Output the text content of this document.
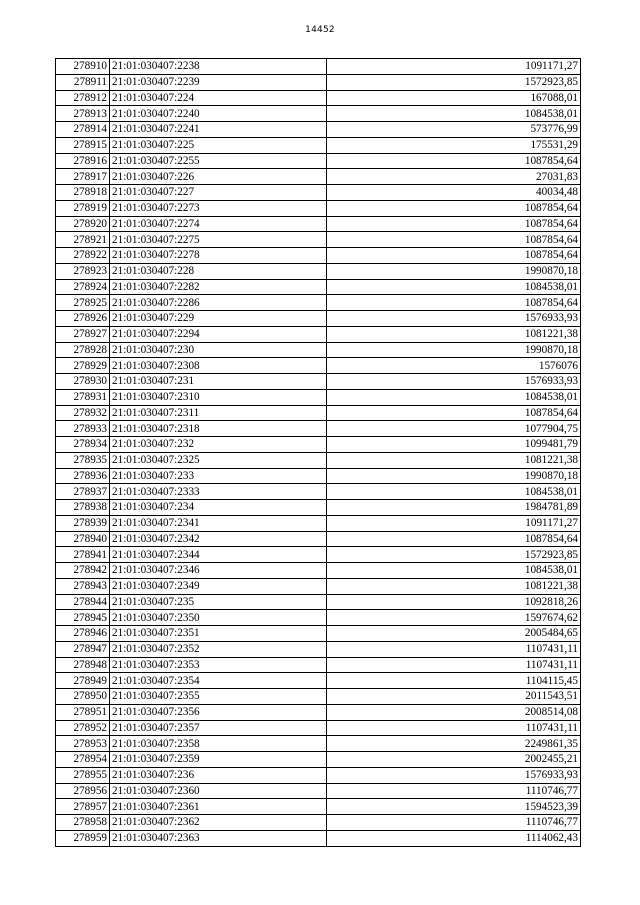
14452
278910	21:01:030407:2238	1091171,27
278911	21:01:030407:2239	1572923,85
278912	21:01:030407:224	167088,01
278913	21:01:030407:2240	1084538,01
278914	21:01:030407:2241	573776,99
278915	21:01:030407:225	175531,29
278916	21:01:030407:2255	1087854,64
278917	21:01:030407:226	27031,83
278918	21:01:030407:227	40034,48
278919	21:01:030407:2273	1087854,64
278920	21:01:030407:2274	1087854,64
278921	21:01:030407:2275	1087854,64
278922	21:01:030407:2278	1087854,64
278923	21:01:030407:228	1990870,18
278924	21:01:030407:2282	1084538,01
278925	21:01:030407:2286	1087854,64
278926	21:01:030407:229	1576933,93
278927	21:01:030407:2294	1081221,38
278928	21:01:030407:230	1990870,18
278929	21:01:030407:2308	1576076
278930	21:01:030407:231	1576933,93
278931	21:01:030407:2310	1084538,01
278932	21:01:030407:2311	1087854,64
278933	21:01:030407:2318	1077904,75
278934	21:01:030407:232	1099481,79
278935	21:01:030407:2325	1081221,38
278936	21:01:030407:233	1990870,18
278937	21:01:030407:2333	1084538,01
278938	21:01:030407:234	1984781,89
278939	21:01:030407:2341	1091171,27
278940	21:01:030407:2342	1087854,64
278941	21:01:030407:2344	1572923,85
278942	21:01:030407:2346	1084538,01
278943	21:01:030407:2349	1081221,38
278944	21:01:030407:235	1092818,26
278945	21:01:030407:2350	1597674,62
278946	21:01:030407:2351	2005484,65
278947	21:01:030407:2352	1107431,11
278948	21:01:030407:2353	1107431,11
278949	21:01:030407:2354	1104115,45
278950	21:01:030407:2355	2011543,51
278951	21:01:030407:2356	2008514,08
278952	21:01:030407:2357	1107431,11
278953	21:01:030407:2358	2249861,35
278954	21:01:030407:2359	2002455,21
278955	21:01:030407:236	1576933,93
278956	21:01:030407:2360	1110746,77
278957	21:01:030407:2361	1594523,39
278958	21:01:030407:2362	1110746,77
278959	21:01:030407:2363	1114062,43
